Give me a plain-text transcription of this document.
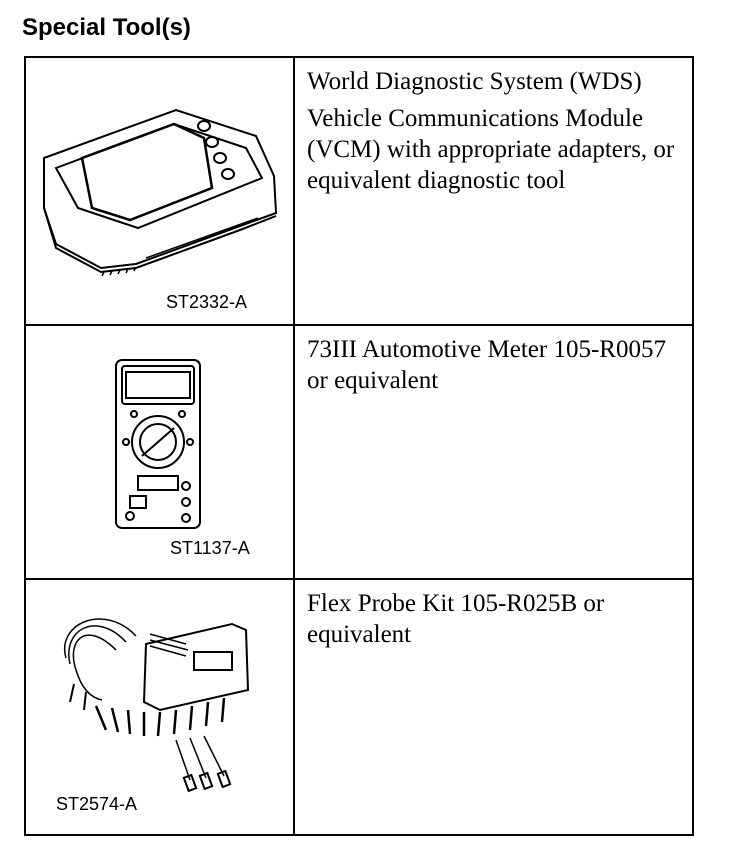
Special Tool(s)
ST2332-A	World Diagnostic System (WDS)

Vehicle Communications Module (VCM) with appropriate adapters, or equivalent diagnostic tool

ST1137-A	73III Automotive Meter 105-R0057 or equivalent

ST2574-A	Flex Probe Kit 105-R025B or equivalent
